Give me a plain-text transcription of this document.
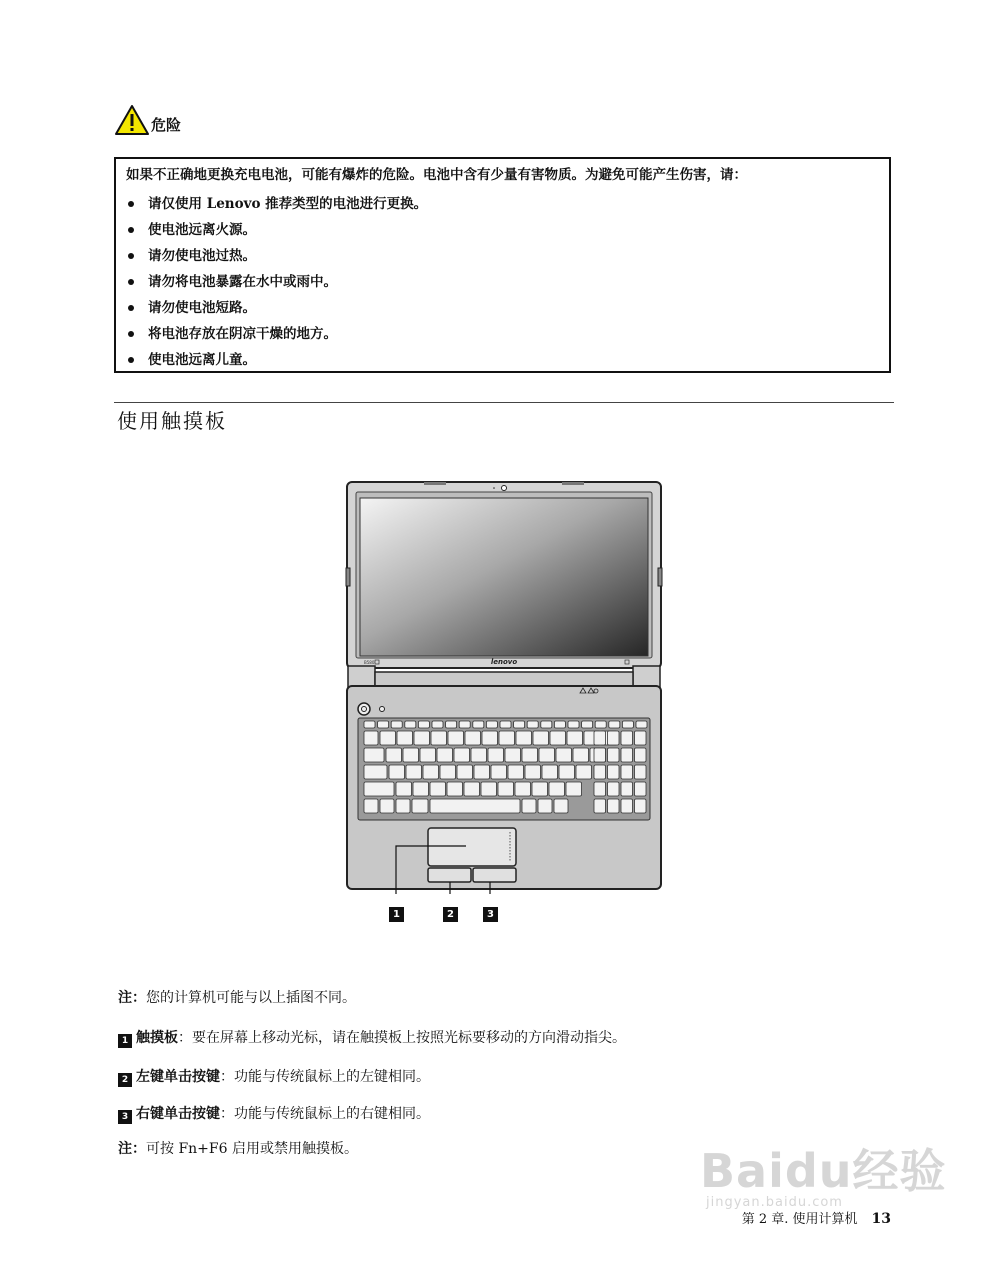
危险
如果不正确地更换充电电池，可能有爆炸的危险。电池中含有少量有害物质。为避免可能产生伤害，请：
请仅使用 Lenovo 推荐类型的电池进行更换。
使电池远离火源。
请勿使电池过热。
请勿将电池暴露在水中或雨中。
请勿使电池短路。
将电池存放在阴凉干燥的地方。
使电池远离儿童。
使用触摸板
lenovo
B580
1	2	3
注：您的计算机可能与以上插图不同。
1 触摸板：要在屏幕上移动光标，请在触摸板上按照光标要移动的方向滑动指尖。
2 左键单击按键：功能与传统鼠标上的左键相同。
3 右键单击按键：功能与传统鼠标上的右键相同。
注：可按 Fn+F6 启用或禁用触摸板。	Baidu经验
jingyan.baidu.com
第 2 章. 使用计算机 13
